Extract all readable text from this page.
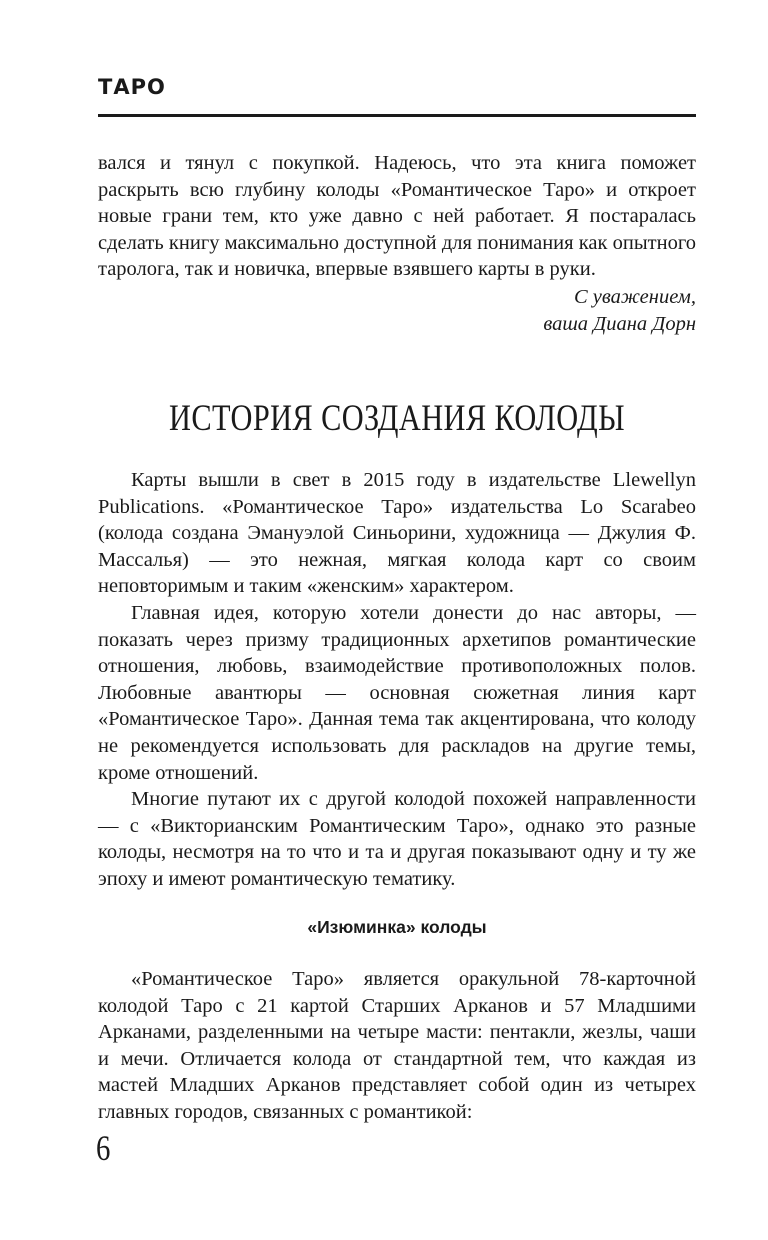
ТАРО

вался и тянул с покупкой. Надеюсь, что эта книга поможет раскрыть всю глубину колоды «Романтическое Таро» и откроет новые грани тем, кто уже давно с ней работает. Я постаралась сделать книгу максимально доступной для понимания как опытного таролога, так и новичка, впервые взявшего карты в руки.

С уважением,
ваша Диана Дорн
ИСТОРИЯ СОЗДАНИЯ КОЛОДЫ

Карты вышли в свет в 2015 году в издательстве Llewellyn Publications. «Романтическое Таро» издательства Lo Scarabeo (колода создана Эмануэлой Синьорини, художница — Джулия Ф. Массалья) — это нежная, мягкая колода карт со своим неповторимым и таким «женским» характером.

Главная идея, которую хотели донести до нас авторы, — показать через призму традиционных архетипов романтические отношения, любовь, взаимодействие противоположных полов. Любовные авантюры — основная сюжетная линия карт «Романтическое Таро». Данная тема так акцентирована, что колоду не рекомендуется использовать для раскладов на другие темы, кроме отношений.

Многие путают их с другой колодой похожей направленности — с «Викторианским Романтическим Таро», однако это разные колоды, несмотря на то что и та и другая показывают одну и ту же эпоху и имеют романтическую тематику.

«Изюминка» колоды

«Романтическое Таро» является оракульной 78-карточной колодой Таро с 21 картой Старших Арканов и 57 Младшими Арканами, разделенными на четыре масти: пентакли, жезлы, чаши и мечи. Отличается колода от стандартной тем, что каждая из мастей Младших Арканов представляет собой один из четырех главных городов, связанных с романтикой:

6
